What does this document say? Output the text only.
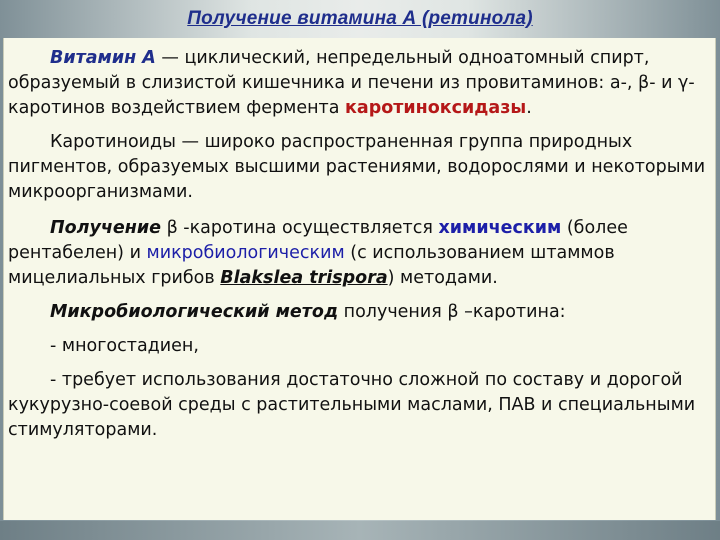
Получение витамина А (ретинола)

Витамин А — циклический, непредельный одноатомный спирт, образуемый в слизистой кишечника и печени из провитаминов: а-, β- и γ-каротинов воздействием фермента каротиноксидазы.

Каротиноиды — широко распространенная группа природных пигментов, образуемых высшими растениями, водорослями и некоторыми микроорганизмами.

Получение β -каротина осуществляется химическим (более рентабелен) и микробиологическим (с использованием штаммов мицелиальных грибов Blakslea trispora) методами.

Микробиологический метод получения β –каротина:

- многостадиен,

- требует использования достаточно сложной по составу и дорогой кукурузно-соевой среды с растительными маслами, ПАВ и специальными стимуляторами.
